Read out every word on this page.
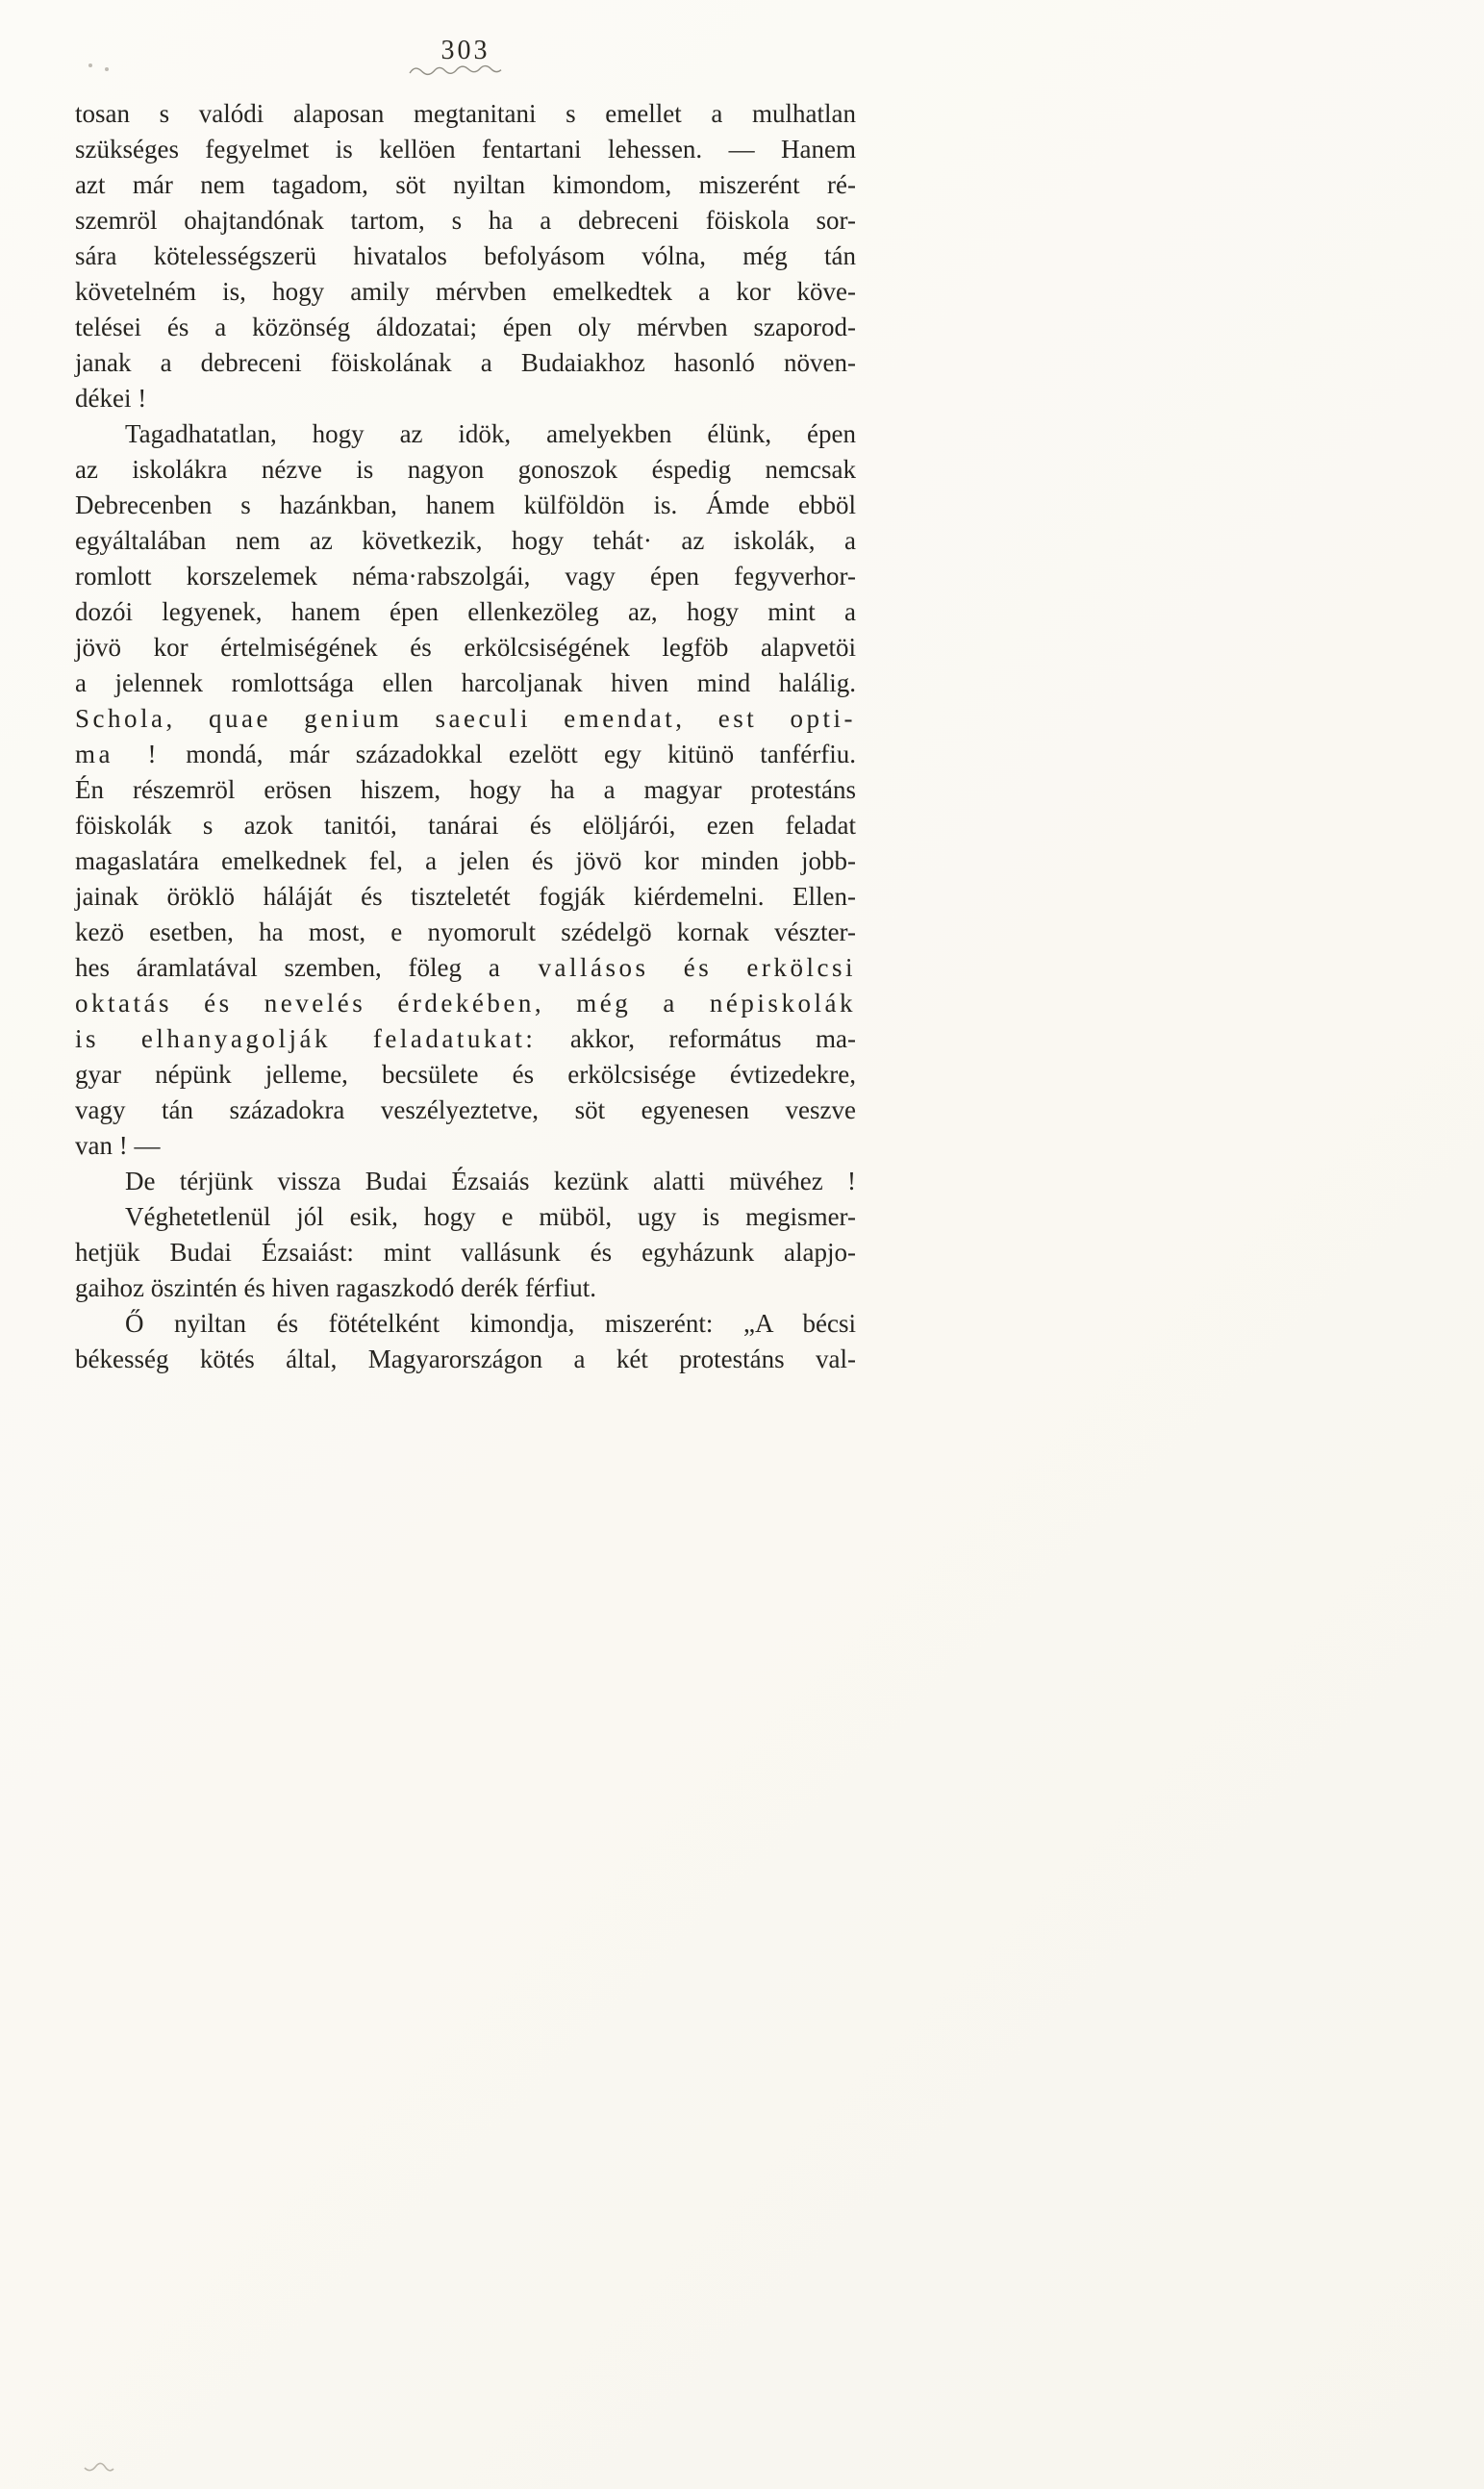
303
tosan s valódi alaposan megtanitani s emellet a mulhatlan
szükséges fegyelmet is kellöen fentartani lehessen. — Hanem
azt már nem tagadom, söt nyiltan kimondom, miszerént ré-
szemröl ohajtandónak tartom, s ha a debreceni föiskola sor-
sára kötelességszerü hivatalos befolyásom vólna, még tán
követelném is, hogy amily mérvben emelkedtek a kor köve-
telései és a közönség áldozatai; épen oly mérvben szaporod-
janak a debreceni föiskolának a Budaiakhoz hasonló növen-
dékei !
Tagadhatatlan, hogy az idök, amelyekben élünk, épen
az iskolákra nézve is nagyon gonoszok éspedig nemcsak
Debrecenben s hazánkban, hanem külföldön is. Ámde ebböl
egyáltalában nem az következik, hogy tehát· az iskolák, a
romlott korszelemek néma·rabszolgái, vagy épen fegyverhor-
dozói legyenek, hanem épen ellenkezöleg az, hogy mint a
jövö kor értelmiségének és erkölcsiségének legföb alapvetöi
a jelennek romlottsága ellen harcoljanak hiven mind halálig.
Schola, quae genium saeculi emendat, est opti-
ma ! mondá, már századokkal ezelött egy kitünö tanférfiu.
Én részemröl erösen hiszem, hogy ha a magyar protestáns
föiskolák s azok tanitói, tanárai és elöljárói, ezen feladat
magaslatára emelkednek fel, a jelen és jövö kor minden jobb-
jainak öröklö háláját és tiszteletét fogják kiérdemelni. Ellen-
kezö esetben, ha most, e nyomorult szédelgö kornak vészter-
hes áramlatával szemben, föleg a vallásos és erkölcsi
oktatás és nevelés érdekében, még a népiskolák
is elhanyagolják feladatukat: akkor, református ma-
gyar népünk jelleme, becsülete és erkölcsisége évtizedekre,
vagy tán századokra veszélyeztetve, söt egyenesen veszve
van ! —
De térjünk vissza Budai Ézsaiás kezünk alatti müvéhez !
Véghetetlenül jól esik, hogy e müböl, ugy is megismer-
hetjük Budai Ézsaiást: mint vallásunk és egyházunk alapjo-
gaihoz öszintén és hiven ragaszkodó derék férfiut.
Ő nyiltan és fötételként kimondja, miszerént: „A bécsi
békesség kötés által, Magyarországon a két protestáns val-
